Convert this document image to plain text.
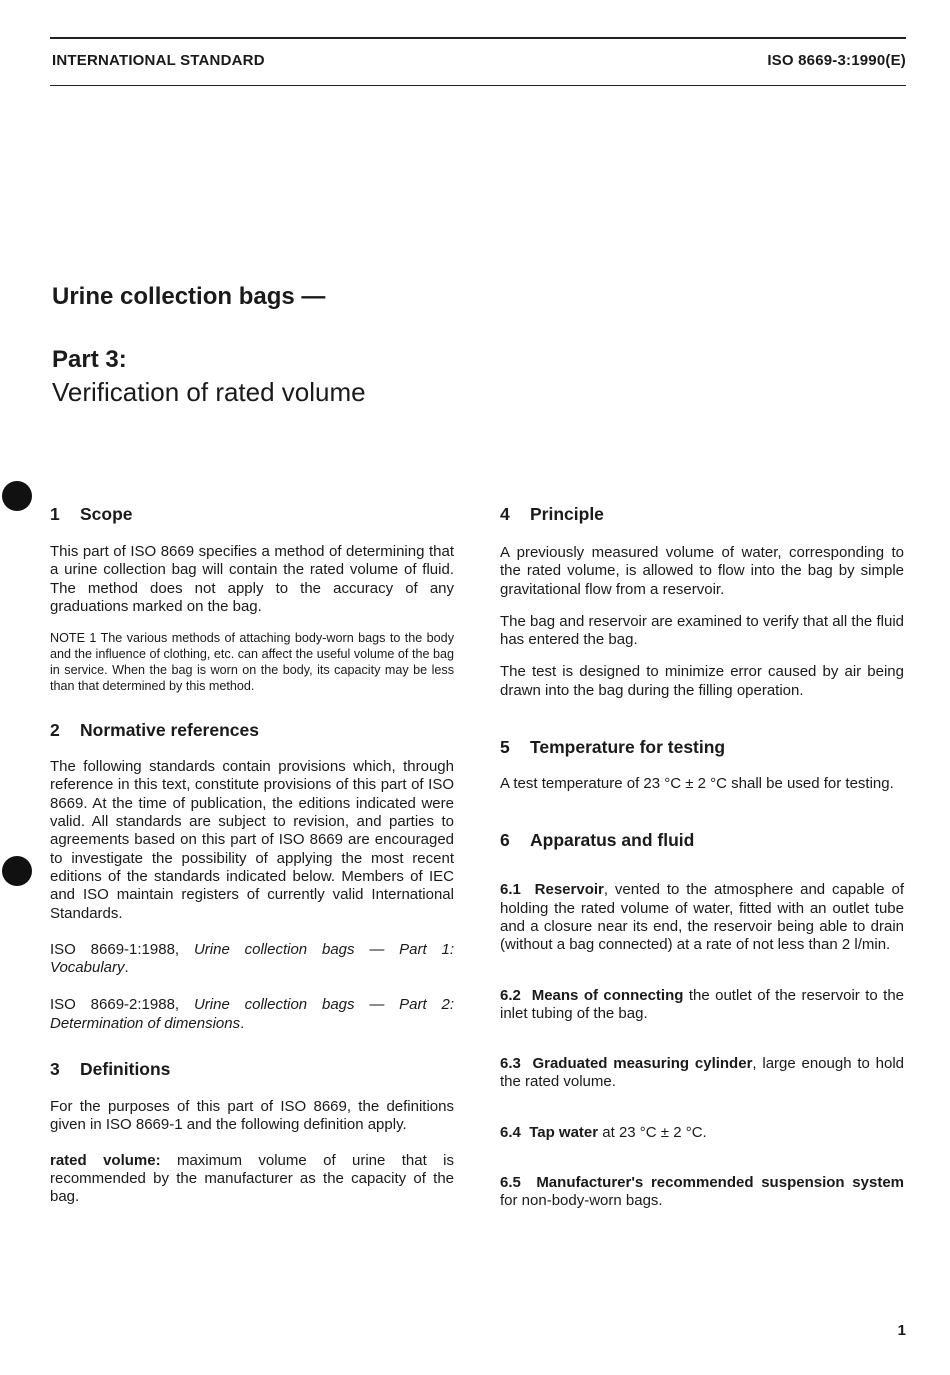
INTERNATIONAL STANDARD	ISO 8669-3:1990(E)
Urine collection bags —
Part 3:
Verification of rated volume
1 Scope

This part of ISO 8669 specifies a method of determining that a urine collection bag will contain the rated volume of fluid. The method does not apply to the accuracy of any graduations marked on the bag.

NOTE 1 The various methods of attaching body-worn bags to the body and the influence of clothing, etc. can affect the useful volume of the bag in service. When the bag is worn on the body, its capacity may be less than that determined by this method.

2 Normative references

The following standards contain provisions which, through reference in this text, constitute provisions of this part of ISO 8669. At the time of publication, the editions indicated were valid. All standards are subject to revision, and parties to agreements based on this part of ISO 8669 are encouraged to investigate the possibility of applying the most recent editions of the standards indicated below. Members of IEC and ISO maintain registers of currently valid International Standards.

ISO 8669-1:1988, Urine collection bags — Part 1: Vocabulary.

ISO 8669-2:1988, Urine collection bags — Part 2: Determination of dimensions.

3 Definitions

For the purposes of this part of ISO 8669, the definitions given in ISO 8669-1 and the following definition apply.

rated volume: maximum volume of urine that is recommended by the manufacturer as the capacity of the bag.

4 Principle

A previously measured volume of water, corresponding to the rated volume, is allowed to flow into the bag by simple gravitational flow from a reservoir.

The bag and reservoir are examined to verify that all the fluid has entered the bag.

The test is designed to minimize error caused by air being drawn into the bag during the filling operation.

5 Temperature for testing

A test temperature of 23 °C ± 2 °C shall be used for testing.

6 Apparatus and fluid

6.1 Reservoir, vented to the atmosphere and capable of holding the rated volume of water, fitted with an outlet tube and a closure near its end, the reservoir being able to drain (without a bag connected) at a rate of not less than 2 l/min.

6.2 Means of connecting the outlet of the reservoir to the inlet tubing of the bag.

6.3 Graduated measuring cylinder, large enough to hold the rated volume.

6.4 Tap water at 23 °C ± 2 °C.

6.5 Manufacturer's recommended suspension system for non-body-worn bags.

1
